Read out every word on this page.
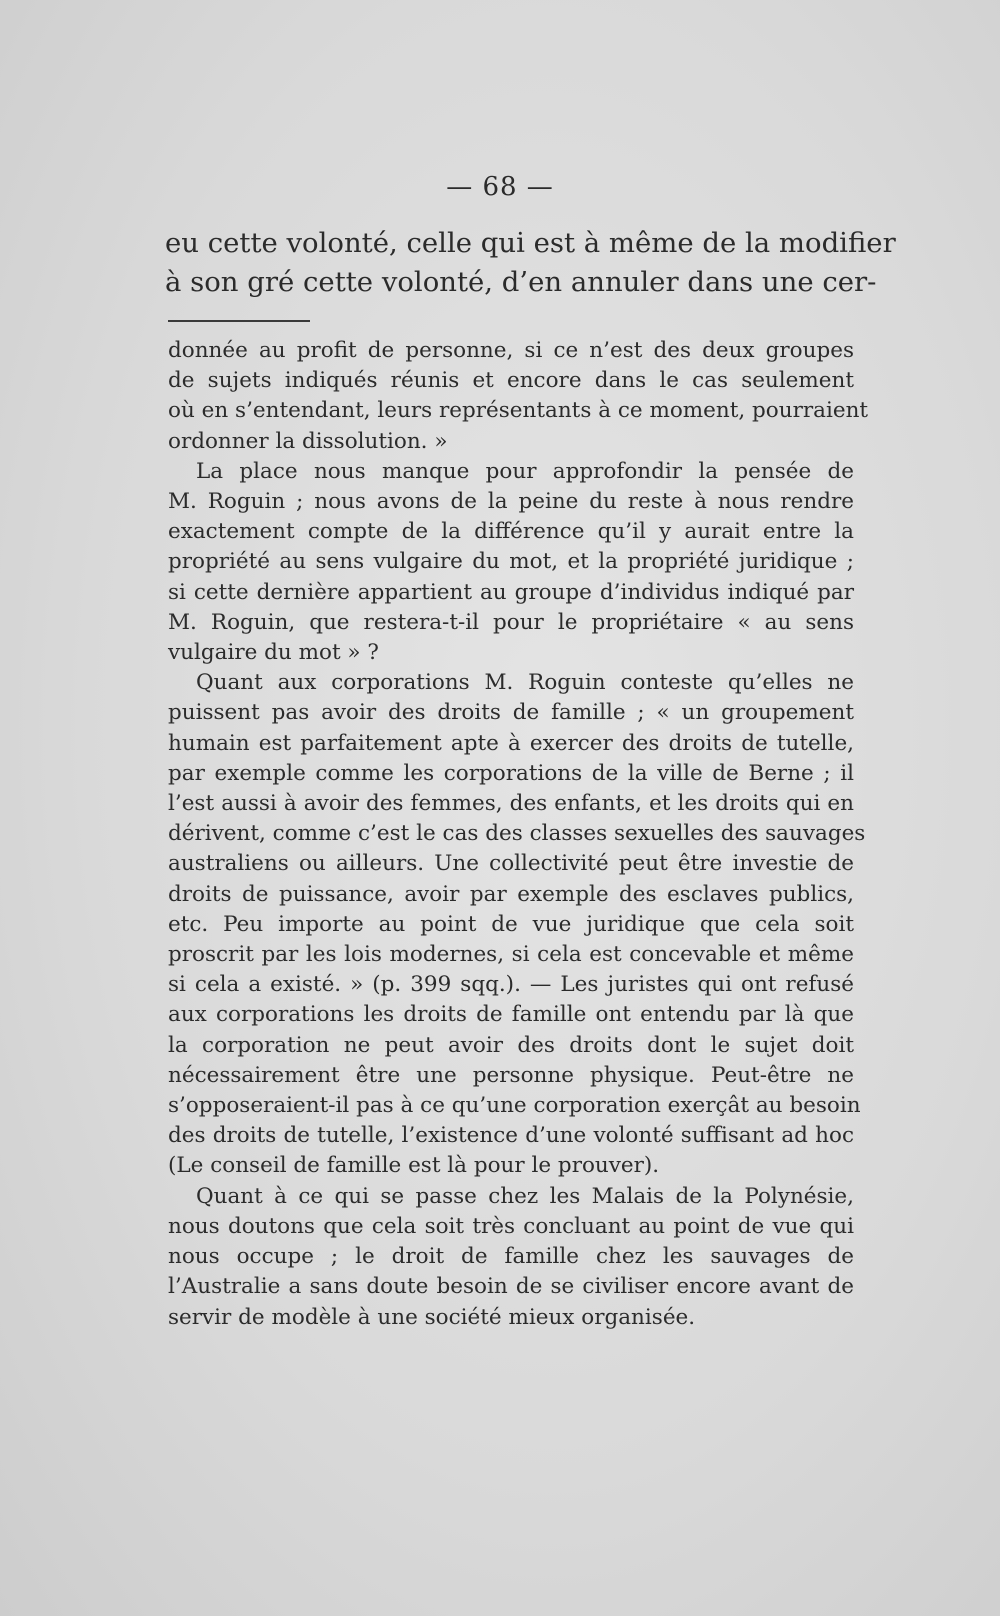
— 68 —
eu cette volonté, celle qui est à même de la modifier
à son gré cette volonté, d’en annuler dans une cer-
donnée au profit de personne, si ce n’est des deux groupes
de sujets indiqués réunis et encore dans le cas seulement
où en s’entendant, leurs représentants à ce moment, pourraient
ordonner la dissolution. »
La place nous manque pour approfondir la pensée de
M. Roguin ; nous avons de la peine du reste à nous rendre
exactement compte de la différence qu’il y aurait entre la
propriété au sens vulgaire du mot, et la propriété juridique ;
si cette dernière appartient au groupe d’individus indiqué par
M. Roguin, que restera-t-il pour le propriétaire « au sens
vulgaire du mot » ?
Quant aux corporations M. Roguin conteste qu’elles ne
puissent pas avoir des droits de famille ; « un groupement
humain est parfaitement apte à exercer des droits de tutelle,
par exemple comme les corporations de la ville de Berne ; il
l’est aussi à avoir des femmes, des enfants, et les droits qui en
dérivent, comme c’est le cas des classes sexuelles des sauvages
australiens ou ailleurs. Une collectivité peut être investie de
droits de puissance, avoir par exemple des esclaves publics,
etc. Peu importe au point de vue juridique que cela soit
proscrit par les lois modernes, si cela est concevable et même
si cela a existé. » (p. 399 sqq.). — Les juristes qui ont refusé
aux corporations les droits de famille ont entendu par là que
la corporation ne peut avoir des droits dont le sujet doit
nécessairement être une personne physique. Peut-être ne
s’opposeraient-il pas à ce qu’une corporation exerçât au besoin
des droits de tutelle, l’existence d’une volonté suffisant ad hoc
(Le conseil de famille est là pour le prouver).
Quant à ce qui se passe chez les Malais de la Polynésie,
nous doutons que cela soit très concluant au point de vue qui
nous occupe ; le droit de famille chez les sauvages de
l’Australie a sans doute besoin de se civiliser encore avant de
servir de modèle à une société mieux organisée.
